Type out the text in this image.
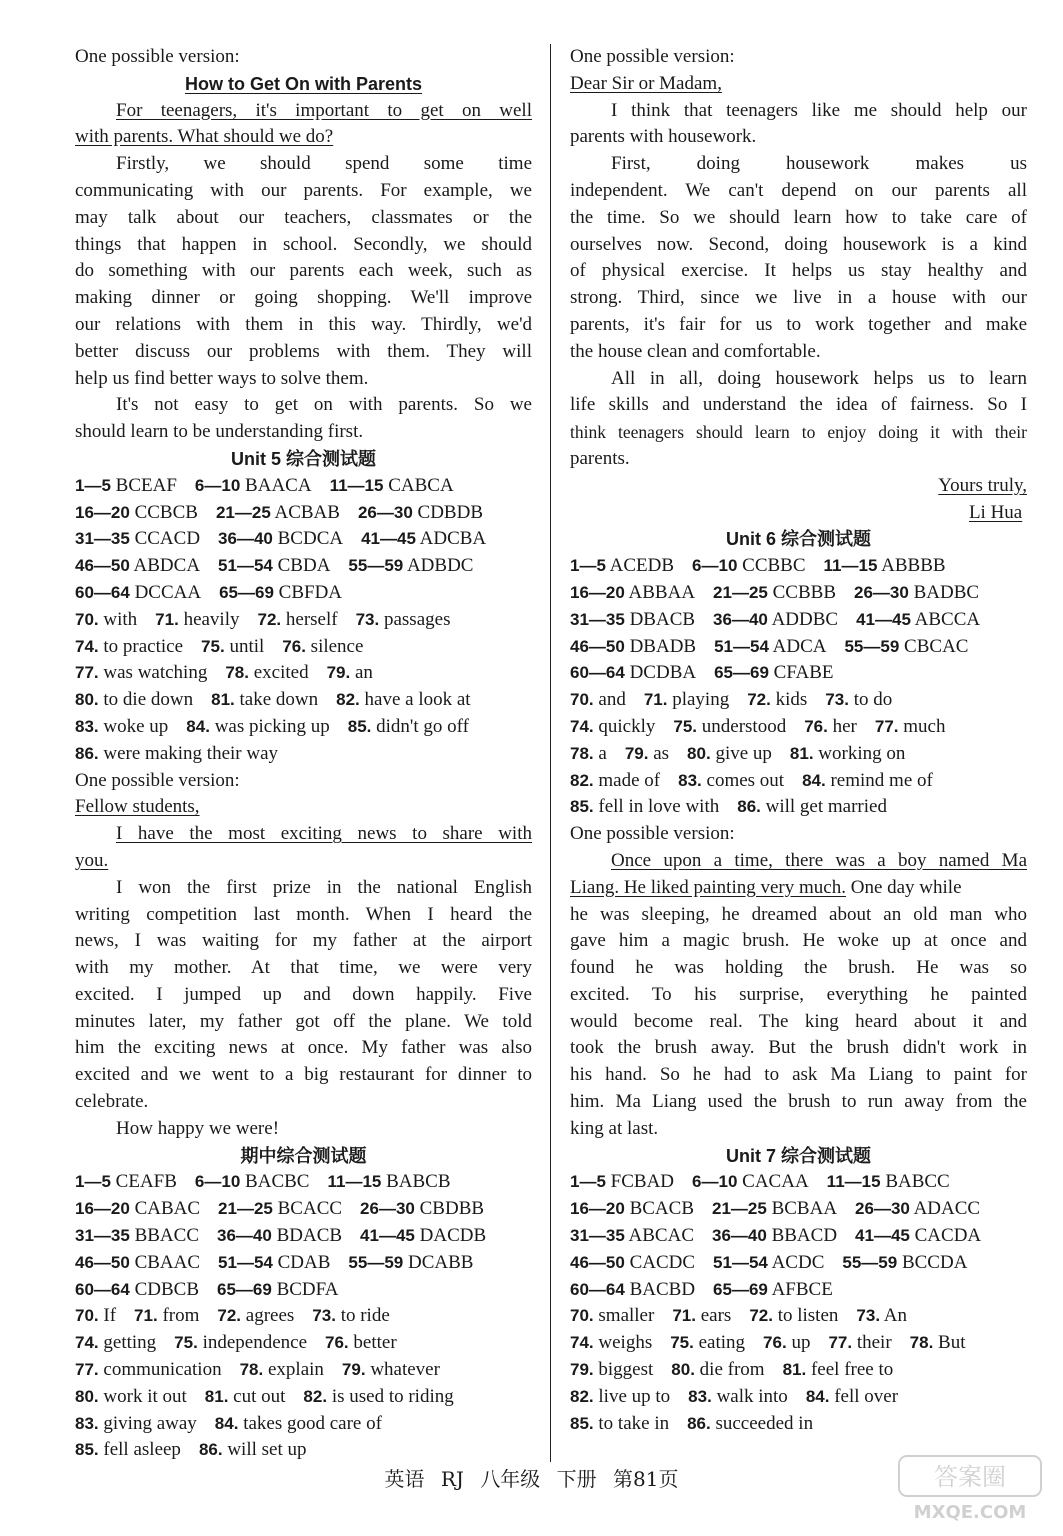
One possible version:
How to Get On with Parents
For teenagers, it's important to get on well
with parents. What should we do?
Firstly, we should spend some time
communicating with our parents. For example, we
may talk about our teachers, classmates or the
things that happen in school. Secondly, we should
do something with our parents each week, such as
making dinner or going shopping. We'll improve
our relations with them in this way. Thirdly, we'd
better discuss our problems with them. They will
help us find better ways to solve them.
It's not easy to get on with parents. So we
should learn to be understanding first.
Unit 5 综合测试题
1—5 BCEAF 6—10 BAACA 11—15 CABCA
16—20 CCBCB 21—25 ACBAB 26—30 CDBDB
31—35 CCACD 36—40 BCDCA 41—45 ADCBA
46—50 ABDCA 51—54 CBDA 55—59 ADBDC
60—64 DCCAA 65—69 CBFDA
70. with 71. heavily 72. herself 73. passages
74. to practice 75. until 76. silence
77. was watching 78. excited 79. an
80. to die down 81. take down 82. have a look at
83. woke up 84. was picking up 85. didn't go off
86. were making their way
One possible version:
Fellow students,
I have the most exciting news to share with
you.
I won the first prize in the national English
writing competition last month. When I heard the
news, I was waiting for my father at the airport
with my mother. At that time, we were very
excited. I jumped up and down happily. Five
minutes later, my father got off the plane. We told
him the exciting news at once. My father was also
excited and we went to a big restaurant for dinner to
celebrate.
How happy we were!
期中综合测试题
1—5 CEAFB 6—10 BACBC 11—15 BABCB
16—20 CABAC 21—25 BCACC 26—30 CBDBB
31—35 BBACC 36—40 BDACB 41—45 DACDB
46—50 CBAAC 51—54 CDAB 55—59 DCABB
60—64 CDBCB 65—69 BCDFA
70. If 71. from 72. agrees 73. to ride
74. getting 75. independence 76. better
77. communication 78. explain 79. whatever
80. work it out 81. cut out 82. is used to riding
83. giving away 84. takes good care of
85. fell asleep 86. will set up
One possible version:
Dear Sir or Madam,
I think that teenagers like me should help our
parents with housework.
First, doing housework makes us
independent. We can't depend on our parents all
the time. So we should learn how to take care of
ourselves now. Second, doing housework is a kind
of physical exercise. It helps us stay healthy and
strong. Third, since we live in a house with our
parents, it's fair for us to work together and make
the house clean and comfortable.
All in all, doing housework helps us to learn
life skills and understand the idea of fairness. So I
think teenagers should learn to enjoy doing it with their
parents.
Yours truly,
Li Hua
Unit 6 综合测试题
1—5 ACEDB 6—10 CCBBC 11—15 ABBBB
16—20 ABBAA 21—25 CCBBB 26—30 BADBC
31—35 DBACB 36—40 ADDBC 41—45 ABCCA
46—50 DBADB 51—54 ADCA 55—59 CBCAC
60—64 DCDBA 65—69 CFABE
70. and 71. playing 72. kids 73. to do
74. quickly 75. understood 76. her 77. much
78. a 79. as 80. give up 81. working on
82. made of 83. comes out 84. remind me of
85. fell in love with 86. will get married
One possible version:
Once upon a time, there was a boy named Ma
Liang. He liked painting very much. One day while
he was sleeping, he dreamed about an old man who
gave him a magic brush. He woke up at once and
found he was holding the brush. He was so
excited. To his surprise, everything he painted
would become real. The king heard about it and
took the brush away. But the brush didn't work in
his hand. So he had to ask Ma Liang to paint for
him. Ma Liang used the brush to run away from the
king at last.
Unit 7 综合测试题
1—5 FCBAD 6—10 CACAA 11—15 BABCC
16—20 BCACB 21—25 BCBAA 26—30 ADACC
31—35 ABCAC 36—40 BBACD 41—45 CACDA
46—50 CACDC 51—54 ACDC 55—59 BCCDA
60—64 BACBD 65—69 AFBCE
70. smaller 71. ears 72. to listen 73. An
74. weighs 75. eating 76. up 77. their 78. But
79. biggest 80. die from 81. feel free to
82. live up to 83. walk into 84. fell over
85. to take in 86. succeeded in
英语 RJ 八年级 下册 第81页	答案圈
MXQE.COM
